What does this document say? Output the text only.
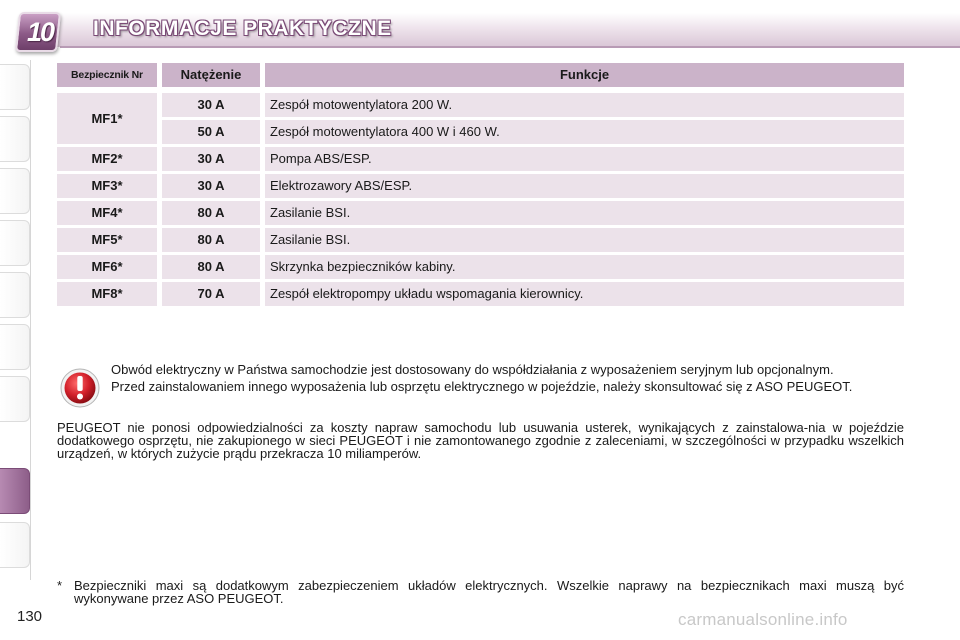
10	INFORMACJE PRAKTYCZNE
Bezpiecznik Nr	Natężenie	Funkcje
MF1*
30 A	Zespół motowentylatora 200 W.
50 A	Zespół motowentylatora 400 W i 460 W.
MF2*	30 A	Pompa ABS/ESP.
MF3*	30 A	Elektrozawory ABS/ESP.
MF4*	80 A	Zasilanie BSI.
MF5*	80 A	Zasilanie BSI.
MF6*	80 A	Skrzynka bezpieczników kabiny.
MF8*	70 A	Zespół elektropompy układu wspomagania kierownicy.

Obwód elektryczny w Państwa samochodzie jest dostosowany do współdziałania z wyposażeniem seryjnym lub opcjonalnym.

Przed zainstalowaniem innego wyposażenia lub osprzętu elektrycznego w pojeździe, należy skonsultować się z ASO PEUGEOT.

PEUGEOT nie ponosi odpowiedzialności za koszty napraw samochodu lub usuwania usterek, wynikających z zainstalowa-nia w pojeździe dodatkowego osprzętu, nie zakupionego w sieci PEUGEOT i nie zamontowanego zgodnie z zaleceniami, w szczególności w przypadku wszelkich urządzeń, w których zużycie prądu przekracza 10 miliamperów.
* Bezpieczniki maxi są dodatkowym zabezpieczeniem układów elektrycznych. Wszelkie naprawy na bezpiecznikach maxi muszą być wykonywane przez ASO PEUGEOT.
130	carmanualsonline.info
